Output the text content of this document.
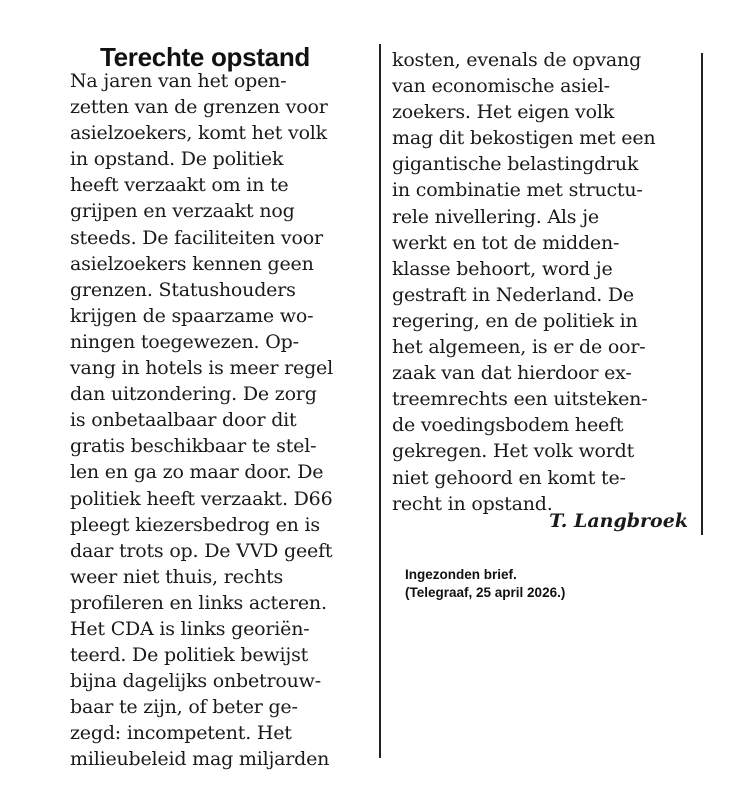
Terechte opstand
Na jaren van het open-
zetten van de grenzen voor
asielzoekers, komt het volk
in opstand. De politiek
heeft verzaakt om in te
grijpen en verzaakt nog
steeds. De faciliteiten voor
asielzoekers kennen geen
grenzen. Statushouders
krijgen de spaarzame wo-
ningen toegewezen. Op-
vang in hotels is meer regel
dan uitzondering. De zorg
is onbetaalbaar door dit
gratis beschikbaar te stel-
len en ga zo maar door. De
politiek heeft verzaakt. D66
pleegt kiezersbedrog en is
daar trots op. De VVD geeft
weer niet thuis, rechts
profileren en links acteren.
Het CDA is links georiën-
teerd. De politiek bewijst
bijna dagelijks onbetrouw-
baar te zijn, of beter ge-
zegd: incompetent. Het
milieubeleid mag miljarden
kosten, evenals de opvang
van economische asiel-
zoekers. Het eigen volk
mag dit bekostigen met een
gigantische belastingdruk
in combinatie met structu-
rele nivellering. Als je
werkt en tot de midden-
klasse behoort, word je
gestraft in Nederland. De
regering, en de politiek in
het algemeen, is er de oor-
zaak van dat hierdoor ex-
treemrechts een uitsteken-
de voedingsbodem heeft
gekregen. Het volk wordt
niet gehoord en komt te-
recht in opstand.
T. Langbroek
Ingezonden brief.
(Telegraaf, 25 april 2026.)
